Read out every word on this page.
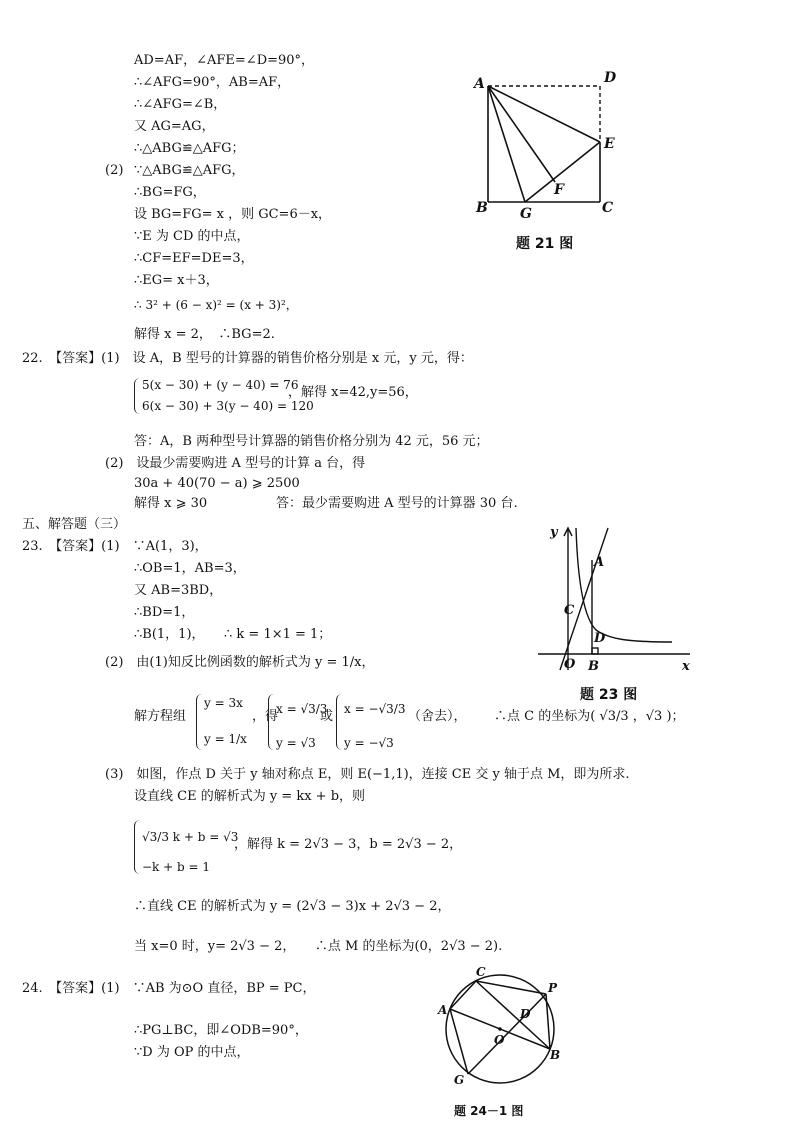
AD=AF，∠AFE=∠D=90°，
∴∠AFG=90°，AB=AF，
∴∠AFG=∠B，
又 AG=AG，
∴△ABG≌△AFG；
(2) ∵△ABG≌△AFG，
∴BG=FG，
设 BG=FG= x ，则 GC=6－x，
∵E 为 CD 的中点，
∴CF=EF=DE=3，
∴EG= x＋3，
∴ 3² + (6 − x)² = (x + 3)²，
解得 x = 2，　∴BG=2.
A	D
E
F
B G	C
题 21 图
22.　【答案】(1)　设 A，B 型号的计算器的销售价格分别是 x 元，y 元，得：
5(x − 30) + (y − 40) = 76
6(x − 30) + 3(y − 40) = 120
，解得 x=42,y=56，
答：A，B 两种型号计算器的销售价格分别为 42 元，56 元；
(2)　设最少需要购进 A 型号的计算 a 台，得
30a + 40(70 − a) ⩾ 2500
解得 x ⩾ 30	答：最少需要购进 A 型号的计算器 30 台.
五、解答题（三）
23.　【答案】(1)　∵A(1，3)，
∴OB=1，AB=3，
又 AB=3BD，
∴BD=1，
∴B(1，1)，　　∴ k = 1×1 = 1；
(2)　由(1)知反比例函数的解析式为 y = 1/x，
解方程组
y = 3x
y = 1/x
，得
x = √3/3
y = √3
或 x = −√3/3
y = −√3
（舍去）， ∴点 C 的坐标为( √3/3 ，√3 )；
(3)　如图，作点 D 关于 y 轴对称点 E，则 E(−1,1)，连接 CE 交 y 轴于点 M，即为所求.
设直线 CE 的解析式为 y = kx + b，则
√3/3 k + b = √3
−k + b = 1
，解得 k = 2√3 − 3，b = 2√3 − 2，
∴直线 CE 的解析式为 y = (2√3 − 3)x + 2√3 − 2，
当 x=0 时，y= 2√3 − 2，　　∴点 M 的坐标为(0，2√3 − 2).
y
A
C
D
O B	x
题 23 图
24.　【答案】(1)　∵AB 为⊙O 直径，BP = PC，
∴PG⊥BC，即∠ODB=90°，
∵D 为 OP 的中点，
C
P
A	D
O
B
G
题 24－1 图
